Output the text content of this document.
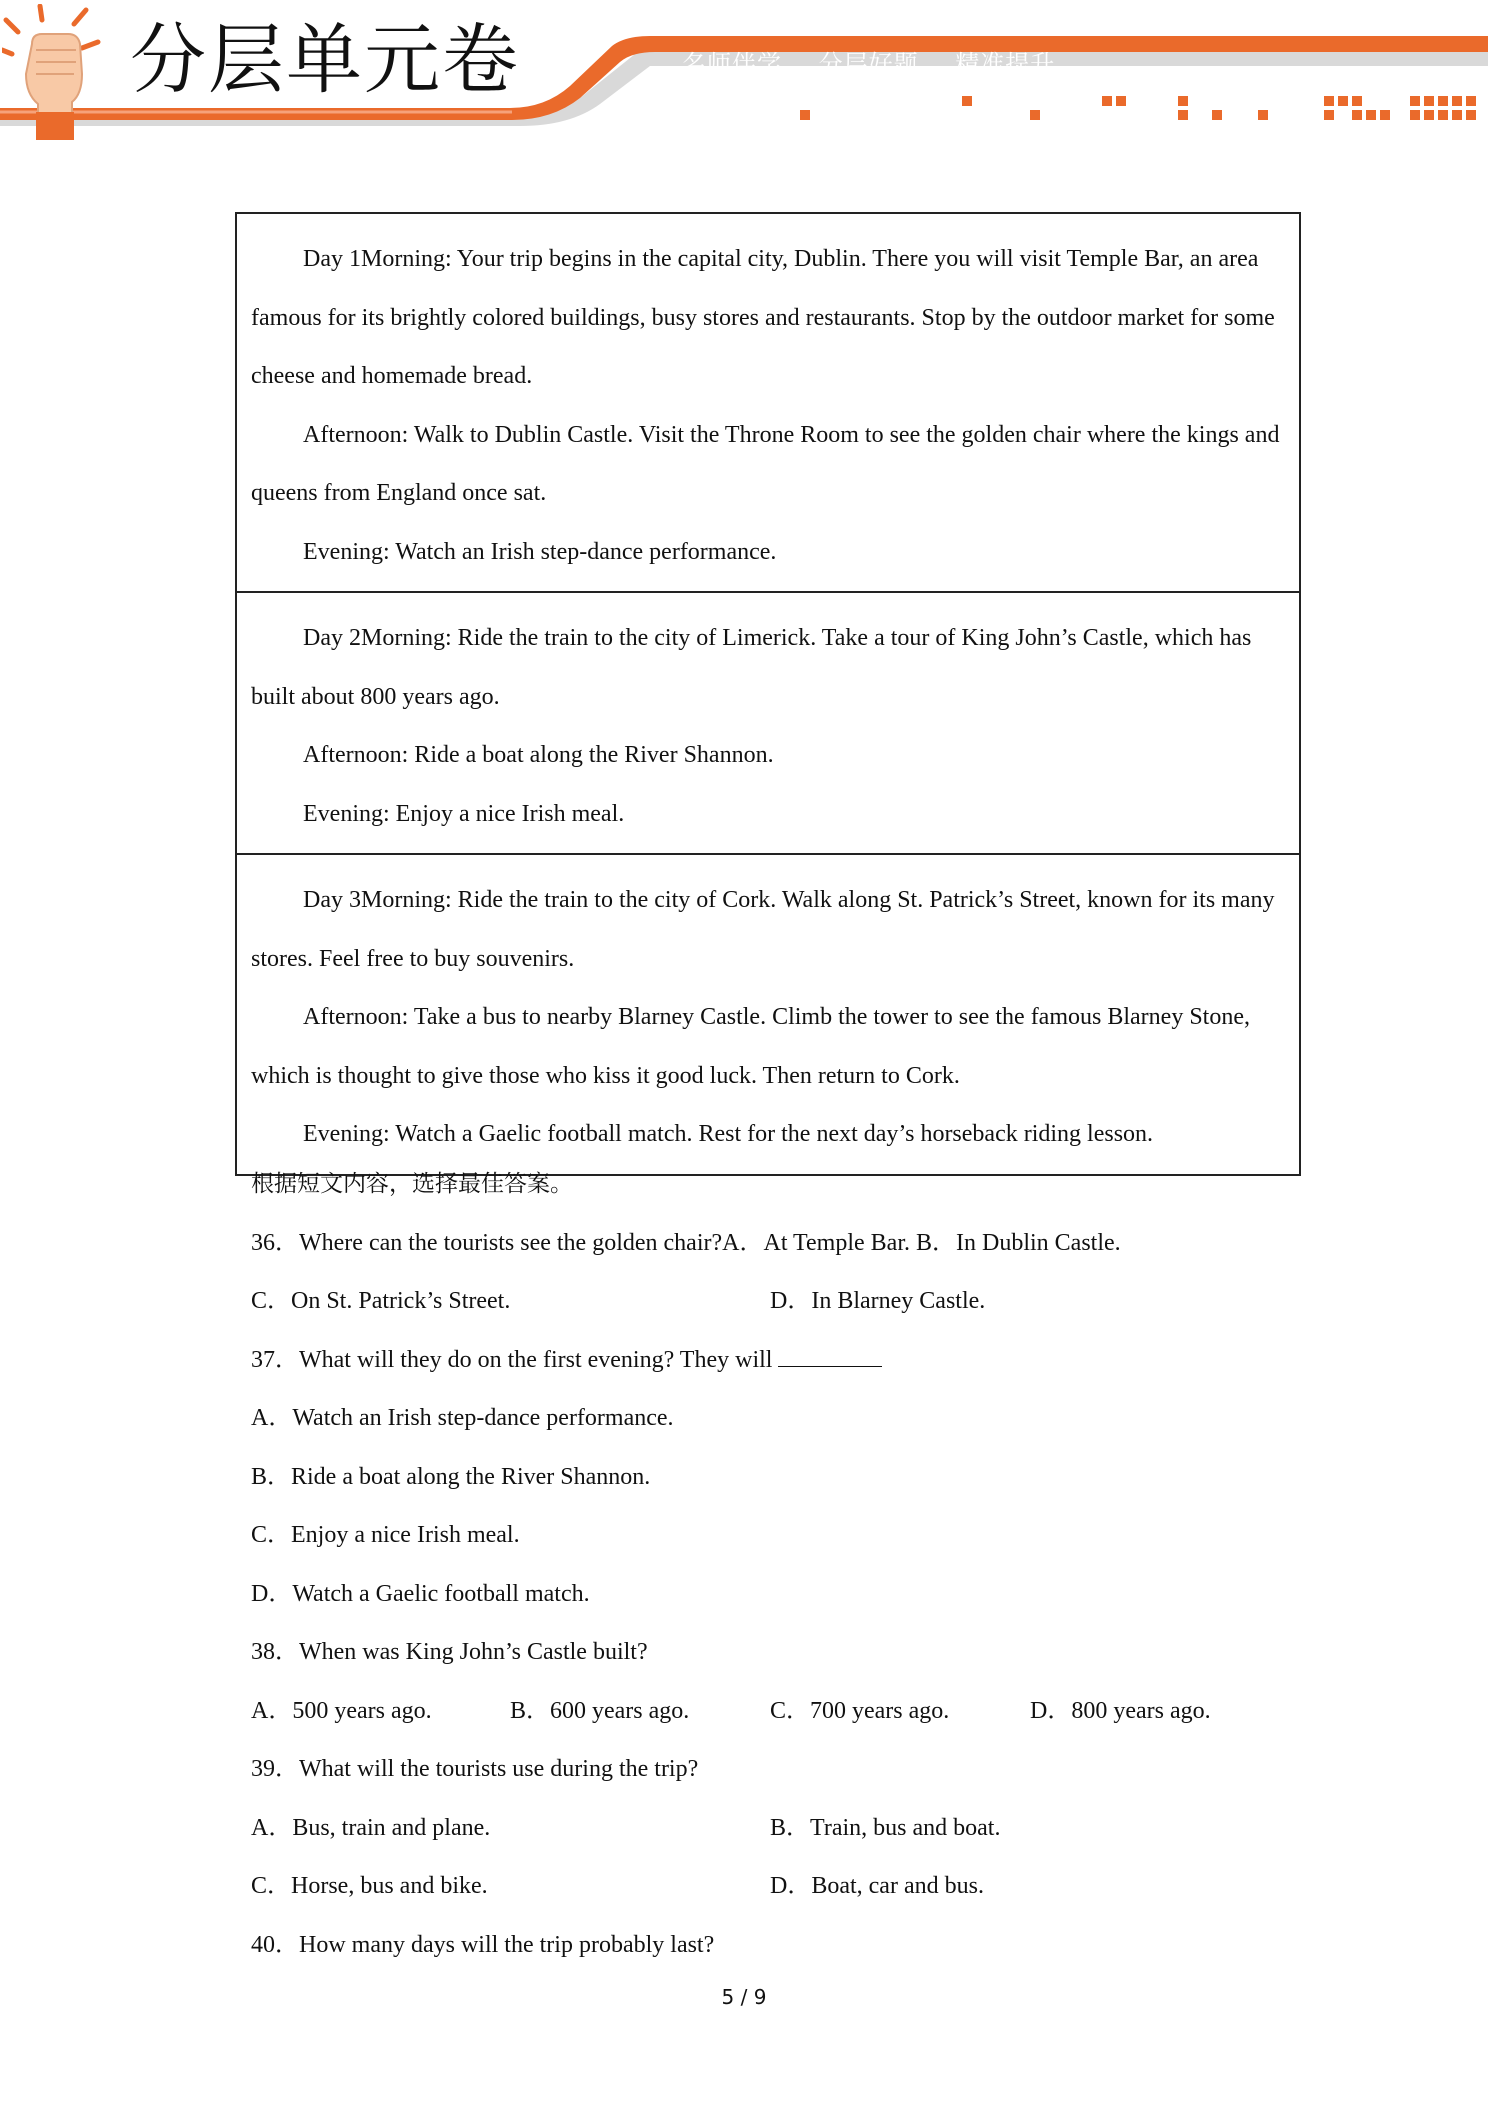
分层单元卷	名师伴学 分层好题 精准提升

Day 1Morning: Your trip begins in the capital city, Dublin. There you will visit Temple Bar, an area famous for its brightly colored buildings, busy stores and restaurants. Stop by the outdoor market for some cheese and homemade bread.

Afternoon: Walk to Dublin Castle. Visit the Throne Room to see the golden chair where the kings and queens from England once sat.

Evening: Watch an Irish step-dance performance.

Day 2Morning: Ride the train to the city of Limerick. Take a tour of King John’s Castle, which has built about 800 years ago.

Afternoon: Ride a boat along the River Shannon.

Evening: Enjoy a nice Irish meal.

Day 3Morning: Ride the train to the city of Cork. Walk along St. Patrick’s Street, known for its many stores. Feel free to buy souvenirs.

Afternoon: Take a bus to nearby Blarney Castle. Climb the tower to see the famous Blarney Stone, which is thought to give those who kiss it good luck. Then return to Cork.

Evening: Watch a Gaelic football match. Rest for the next day’s horseback riding lesson.

根据短文内容，选择最佳答案。
36．Where can the tourists see the golden chair?A．At Temple Bar. B．In Dublin Castle.
C．On St. Patrick’s Street.	D．In Blarney Castle.
37．What will they do on the first evening? They will
A．Watch an Irish step-dance performance.
B．Ride a boat along the River Shannon.
C．Enjoy a nice Irish meal.
D．Watch a Gaelic football match.
38．When was King John’s Castle built?
A．500 years ago.	B．600 years ago.	C．700 years ago.	D．800 years ago.
39．What will the tourists use during the trip?
A．Bus, train and plane.	B．Train, bus and boat.
C．Horse, bus and bike.	D．Boat, car and bus.
40．How many days will the trip probably last?
5 / 9
